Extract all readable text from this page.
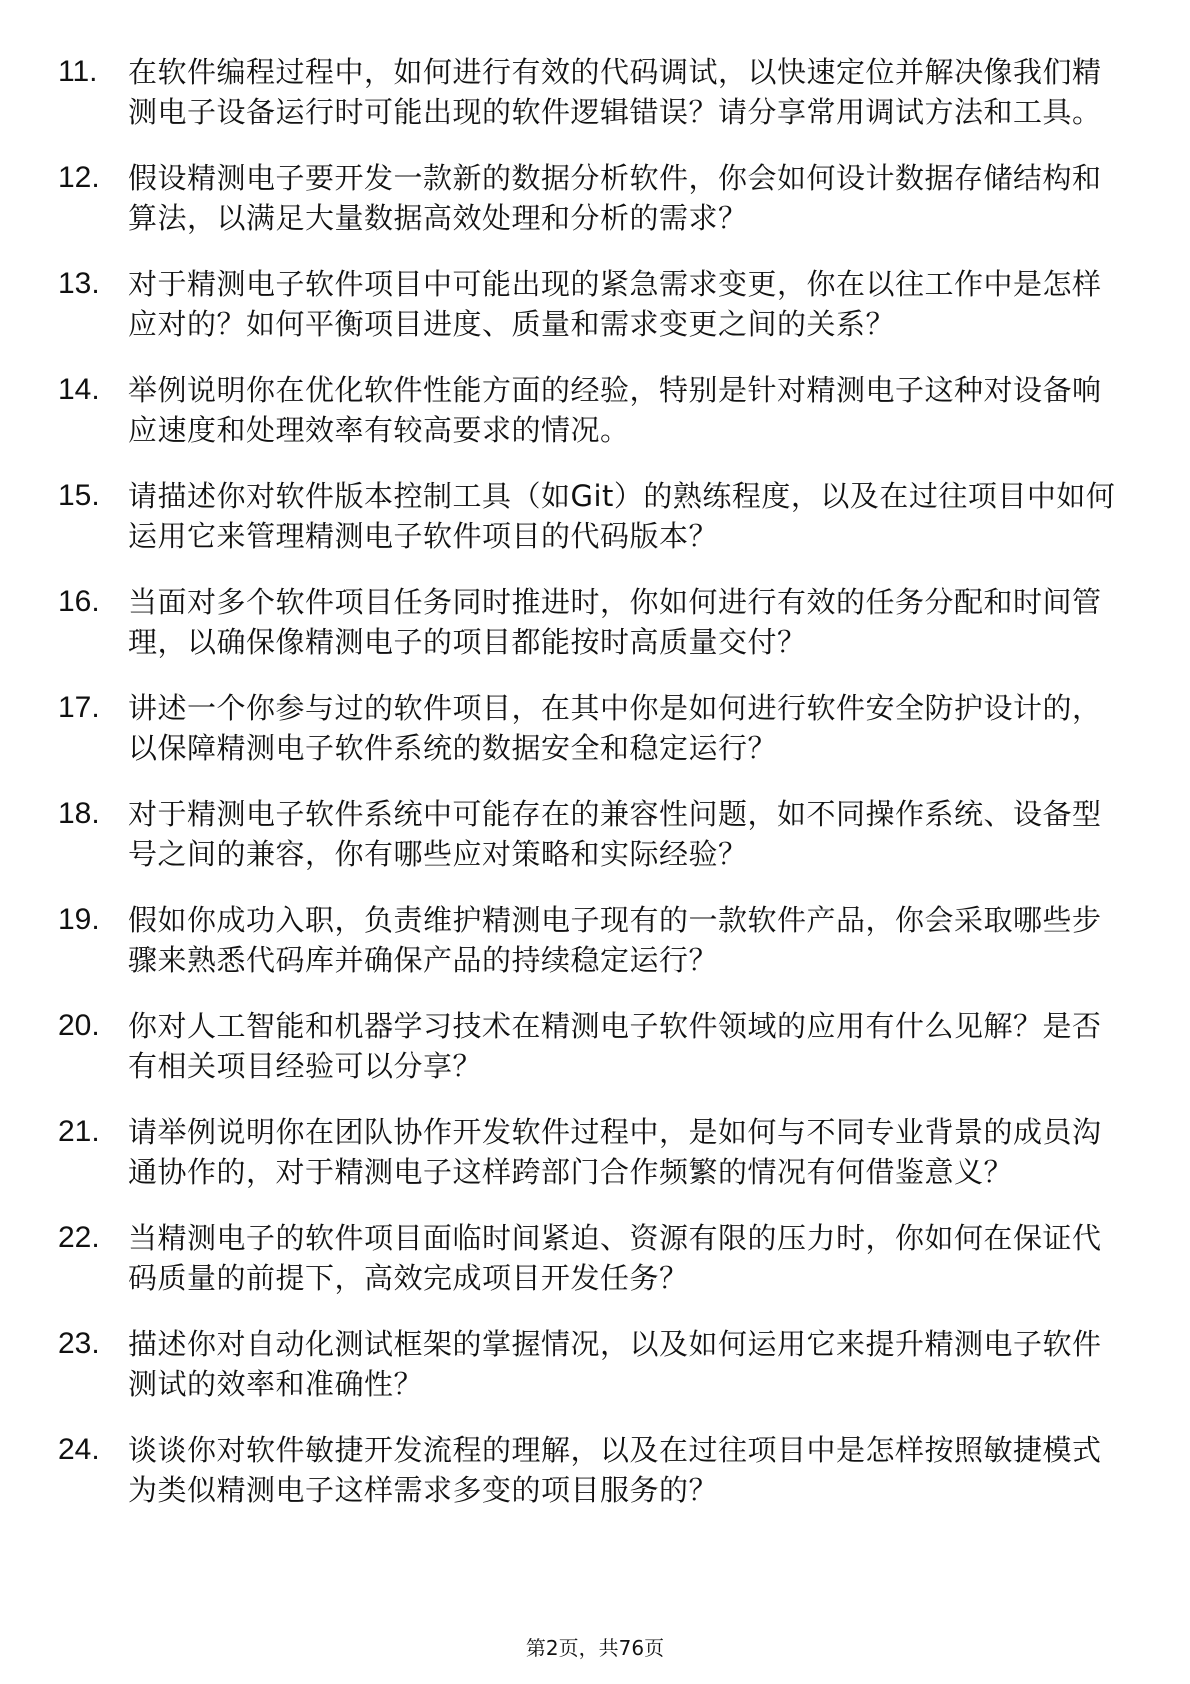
11.	在软件编程过程中，如何进行有效的代码调试，以快速定位并解决像我们精测电子设备运行时可能出现的软件逻辑错误？请分享常用调试方法和工具。
12. 假设精测电子要开发一款新的数据分析软件，你会如何设计数据存储结构和算法，以满足大量数据高效处理和分析的需求？
13. 对于精测电子软件项目中可能出现的紧急需求变更，你在以往工作中是怎样应对的？如何平衡项目进度、质量和需求变更之间的关系？
14. 举例说明你在优化软件性能方面的经验，特别是针对精测电子这种对设备响应速度和处理效率有较高要求的情况。
15. 请描述你对软件版本控制工具（如Git）的熟练程度，以及在过往项目中如何运用它来管理精测电子软件项目的代码版本？
16. 当面对多个软件项目任务同时推进时，你如何进行有效的任务分配和时间管理，以确保像精测电子的项目都能按时高质量交付？
17. 讲述一个你参与过的软件项目，在其中你是如何进行软件安全防护设计的，以保障精测电子软件系统的数据安全和稳定运行？
18. 对于精测电子软件系统中可能存在的兼容性问题，如不同操作系统、设备型号之间的兼容，你有哪些应对策略和实际经验？
19. 假如你成功入职，负责维护精测电子现有的一款软件产品，你会采取哪些步骤来熟悉代码库并确保产品的持续稳定运行？
20. 你对人工智能和机器学习技术在精测电子软件领域的应用有什么见解？是否有相关项目经验可以分享？
21. 请举例说明你在团队协作开发软件过程中，是如何与不同专业背景的成员沟通协作的，对于精测电子这样跨部门合作频繁的情况有何借鉴意义？
22. 当精测电子的软件项目面临时间紧迫、资源有限的压力时，你如何在保证代码质量的前提下，高效完成项目开发任务？
23. 描述你对自动化测试框架的掌握情况，以及如何运用它来提升精测电子软件测试的效率和准确性？
24. 谈谈你对软件敏捷开发流程的理解，以及在过往项目中是怎样按照敏捷模式为类似精测电子这样需求多变的项目服务的？
第2页，共76页
